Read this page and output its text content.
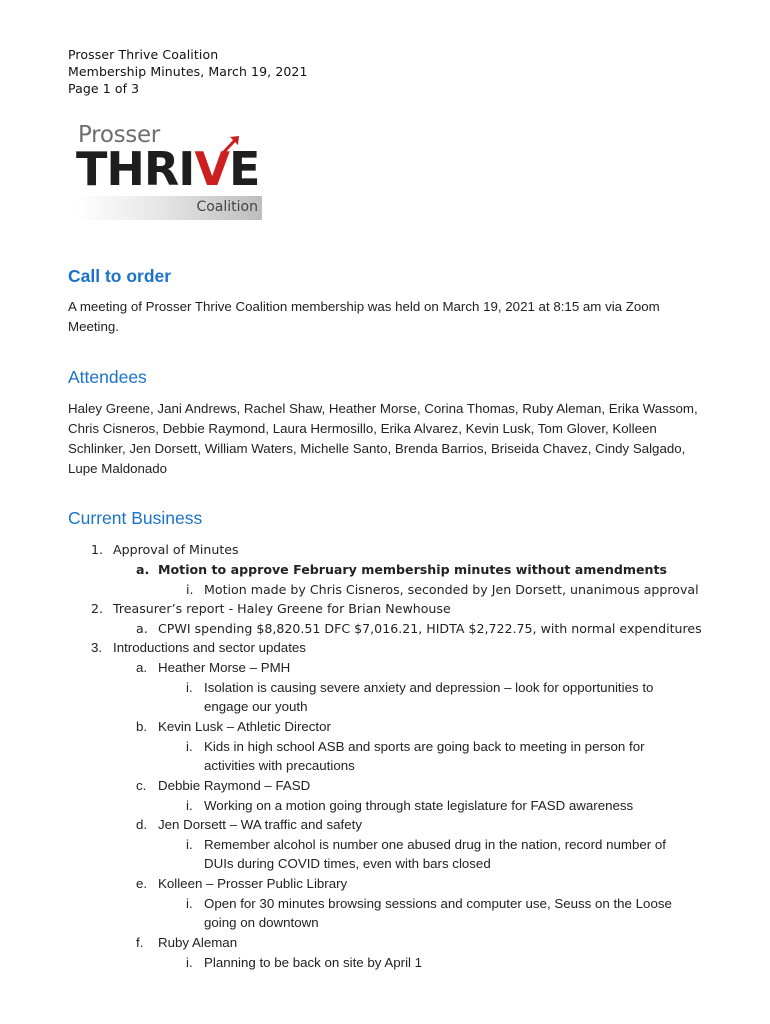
Prosser Thrive Coalition
Membership Minutes, March 19, 2021
Page 1 of 3
Prosser
THRIVE
Coalition
Call to order
A meeting of Prosser Thrive Coalition membership was held on March 19, 2021 at 8:15 am via Zoom Meeting.
Attendees
Haley Greene, Jani Andrews, Rachel Shaw, Heather Morse, Corina Thomas, Ruby Aleman, Erika Wassom, Chris Cisneros, Debbie Raymond, Laura Hermosillo, Erika Alvarez, Kevin Lusk, Tom Glover, Kolleen Schlinker, Jen Dorsett, William Waters, Michelle Santo, Brenda Barrios, Briseida Chavez, Cindy Salgado, Lupe Maldonado
Current Business
1. Approval of Minutes
a. Motion to approve February membership minutes without amendments
i. Motion made by Chris Cisneros, seconded by Jen Dorsett, unanimous approval
2. Treasurer’s report - Haley Greene for Brian Newhouse
a. CPWI spending $8,820.51 DFC $7,016.21, HIDTA $2,722.75, with normal expenditures
3. Introductions and sector updates
a. Heather Morse – PMH
i. Isolation is causing severe anxiety and depression – look for opportunities to
engage our youth
b. Kevin Lusk – Athletic Director
i. Kids in high school ASB and sports are going back to meeting in person for
activities with precautions
c. Debbie Raymond – FASD
i. Working on a motion going through state legislature for FASD awareness
d. Jen Dorsett – WA traffic and safety
i. Remember alcohol is number one abused drug in the nation, record number of
DUIs during COVID times, even with bars closed
e. Kolleen – Prosser Public Library
i. Open for 30 minutes browsing sessions and computer use, Seuss on the Loose
going on downtown
f. Ruby Aleman
i. Planning to be back on site by April 1
